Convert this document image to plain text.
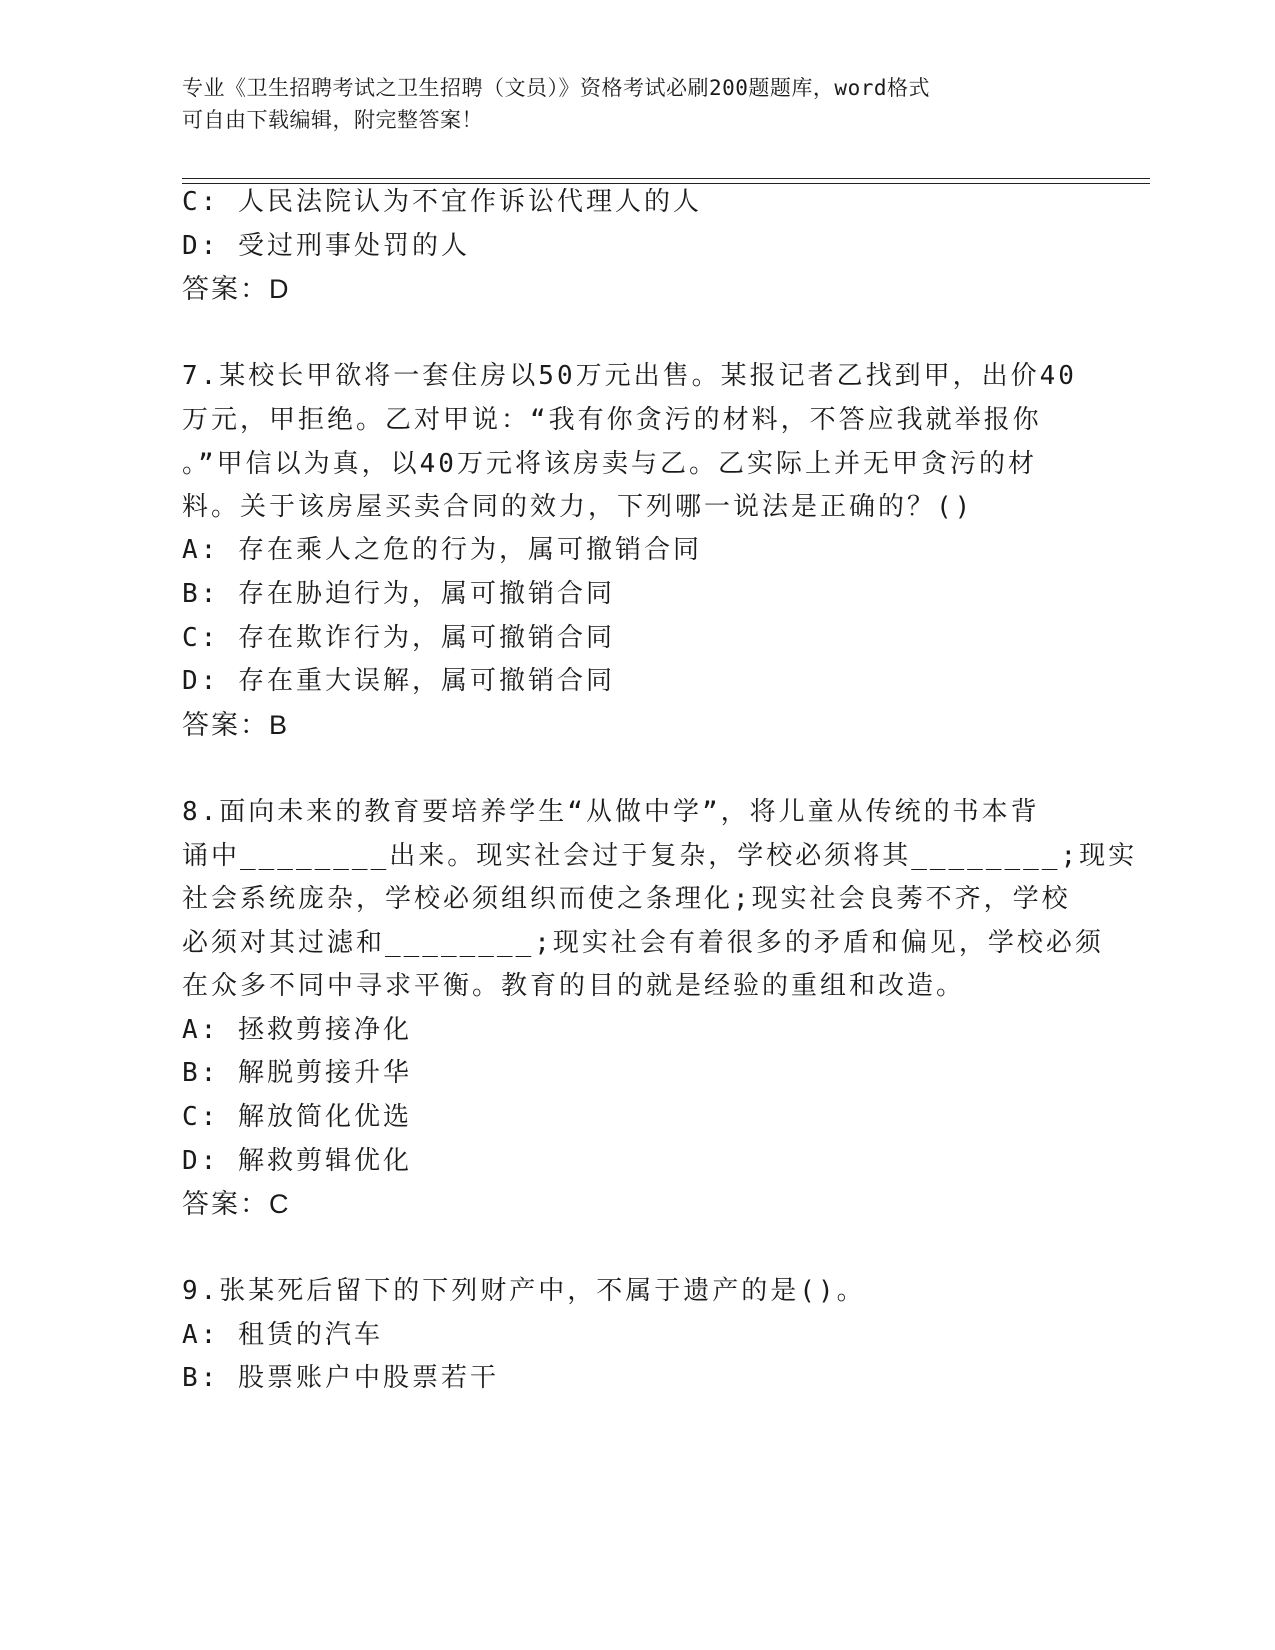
专业《卫生招聘考试之卫生招聘（文员）》资格考试必刷200题题库，word格式
可自由下载编辑，附完整答案！
C: 人民法院认为不宜作诉讼代理人的人
D: 受过刑事处罚的人
答案：D
7.某校长甲欲将一套住房以50万元出售。某报记者乙找到甲，出价40
万元，甲拒绝。乙对甲说：“我有你贪污的材料，不答应我就举报你
。”甲信以为真，以40万元将该房卖与乙。乙实际上并无甲贪污的材
料。关于该房屋买卖合同的效力，下列哪一说法是正确的？()
A: 存在乘人之危的行为，属可撤销合同
B: 存在胁迫行为，属可撤销合同
C: 存在欺诈行为，属可撤销合同
D: 存在重大误解，属可撤销合同
答案：B
8.面向未来的教育要培养学生“从做中学”，将儿童从传统的书本背
诵中________出来。现实社会过于复杂，学校必须将其________;现实
社会系统庞杂，学校必须组织而使之条理化;现实社会良莠不齐，学校
必须对其过滤和________;现实社会有着很多的矛盾和偏见，学校必须
在众多不同中寻求平衡。教育的目的就是经验的重组和改造。
A: 拯救剪接净化
B: 解脱剪接升华
C: 解放简化优选
D: 解救剪辑优化
答案：C
9.张某死后留下的下列财产中，不属于遗产的是()。
A: 租赁的汽车
B: 股票账户中股票若干
